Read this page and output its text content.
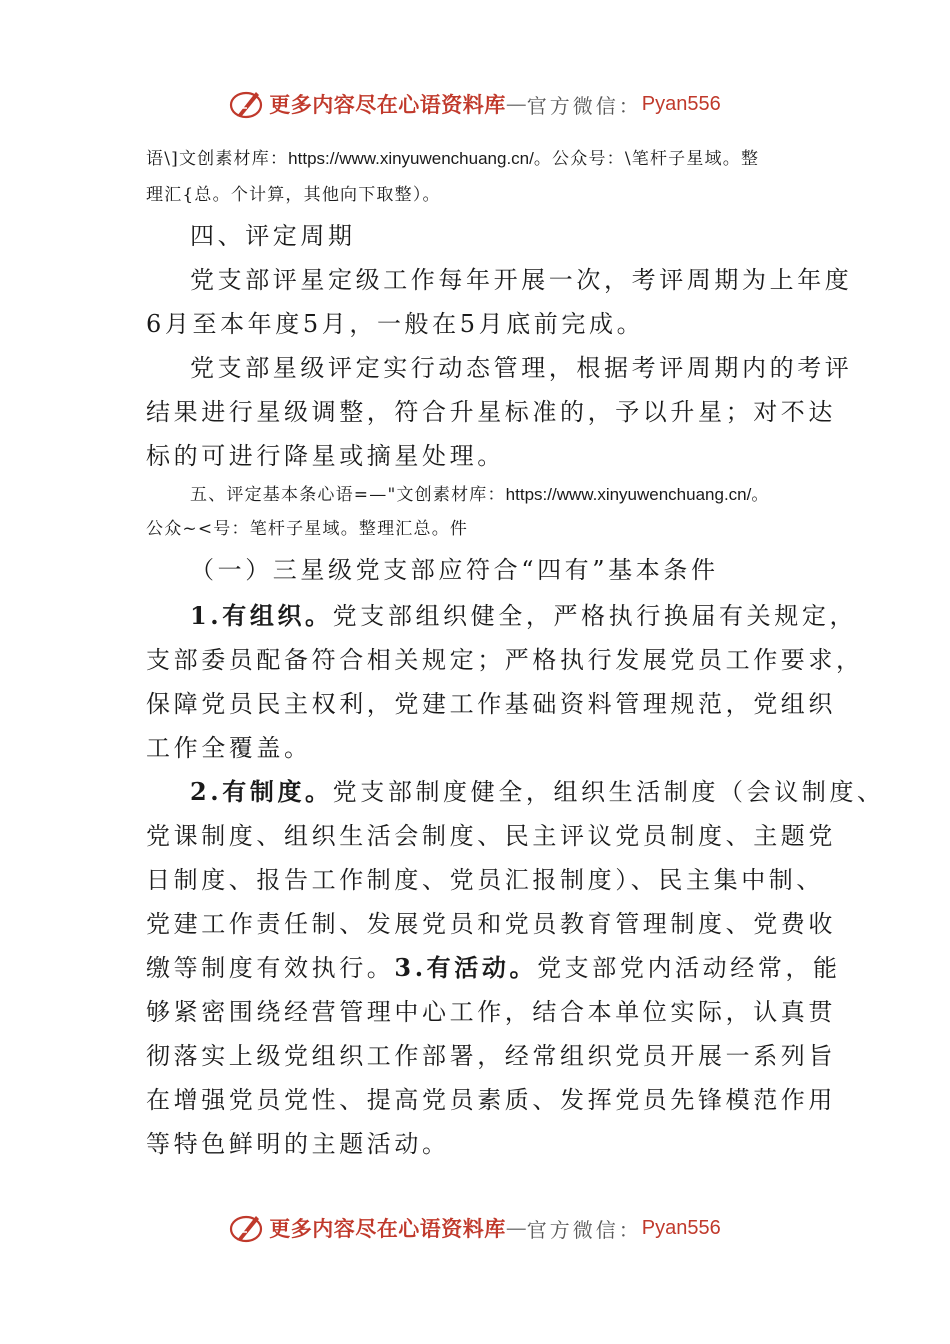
更多内容尽在心语资料库 — 官方微信： Pyan556
语\]文创素材库：https://www.xinyuwenchuang.cn/。公众号：\笔杆子星域。整
理汇{总。个计算，其他向下取整）。
四、评定周期
党支部评星定级工作每年开展一次，考评周期为上年度
6月至本年度5月，一般在5月底前完成。
党支部星级评定实行动态管理，根据考评周期内的考评
结果进行星级调整，符合升星标准的，予以升星；对不达
标的可进行降星或摘星处理。
五、评定基本条心语=—"文创素材库：https://www.xinyuwenchuang.cn/。
公众~<号：笔杆子星域。整理汇总。件
（一）三星级党支部应符合“四有”基本条件
1.有组织。党支部组织健全，严格执行换届有关规定，
支部委员配备符合相关规定；严格执行发展党员工作要求，
保障党员民主权利，党建工作基础资料管理规范，党组织
工作全覆盖。
2.有制度。党支部制度健全，组织生活制度（会议制度、
党课制度、组织生活会制度、民主评议党员制度、主题党
日制度、报告工作制度、党员汇报制度）、民主集中制、
党建工作责任制、发展党员和党员教育管理制度、党费收
缴等制度有效执行。3.有活动。党支部党内活动经常，能
够紧密围绕经营管理中心工作，结合本单位实际，认真贯
彻落实上级党组织工作部署，经常组织党员开展一系列旨
在增强党员党性、提高党员素质、发挥党员先锋模范作用
等特色鲜明的主题活动。
更多内容尽在心语资料库 — 官方微信： Pyan556
